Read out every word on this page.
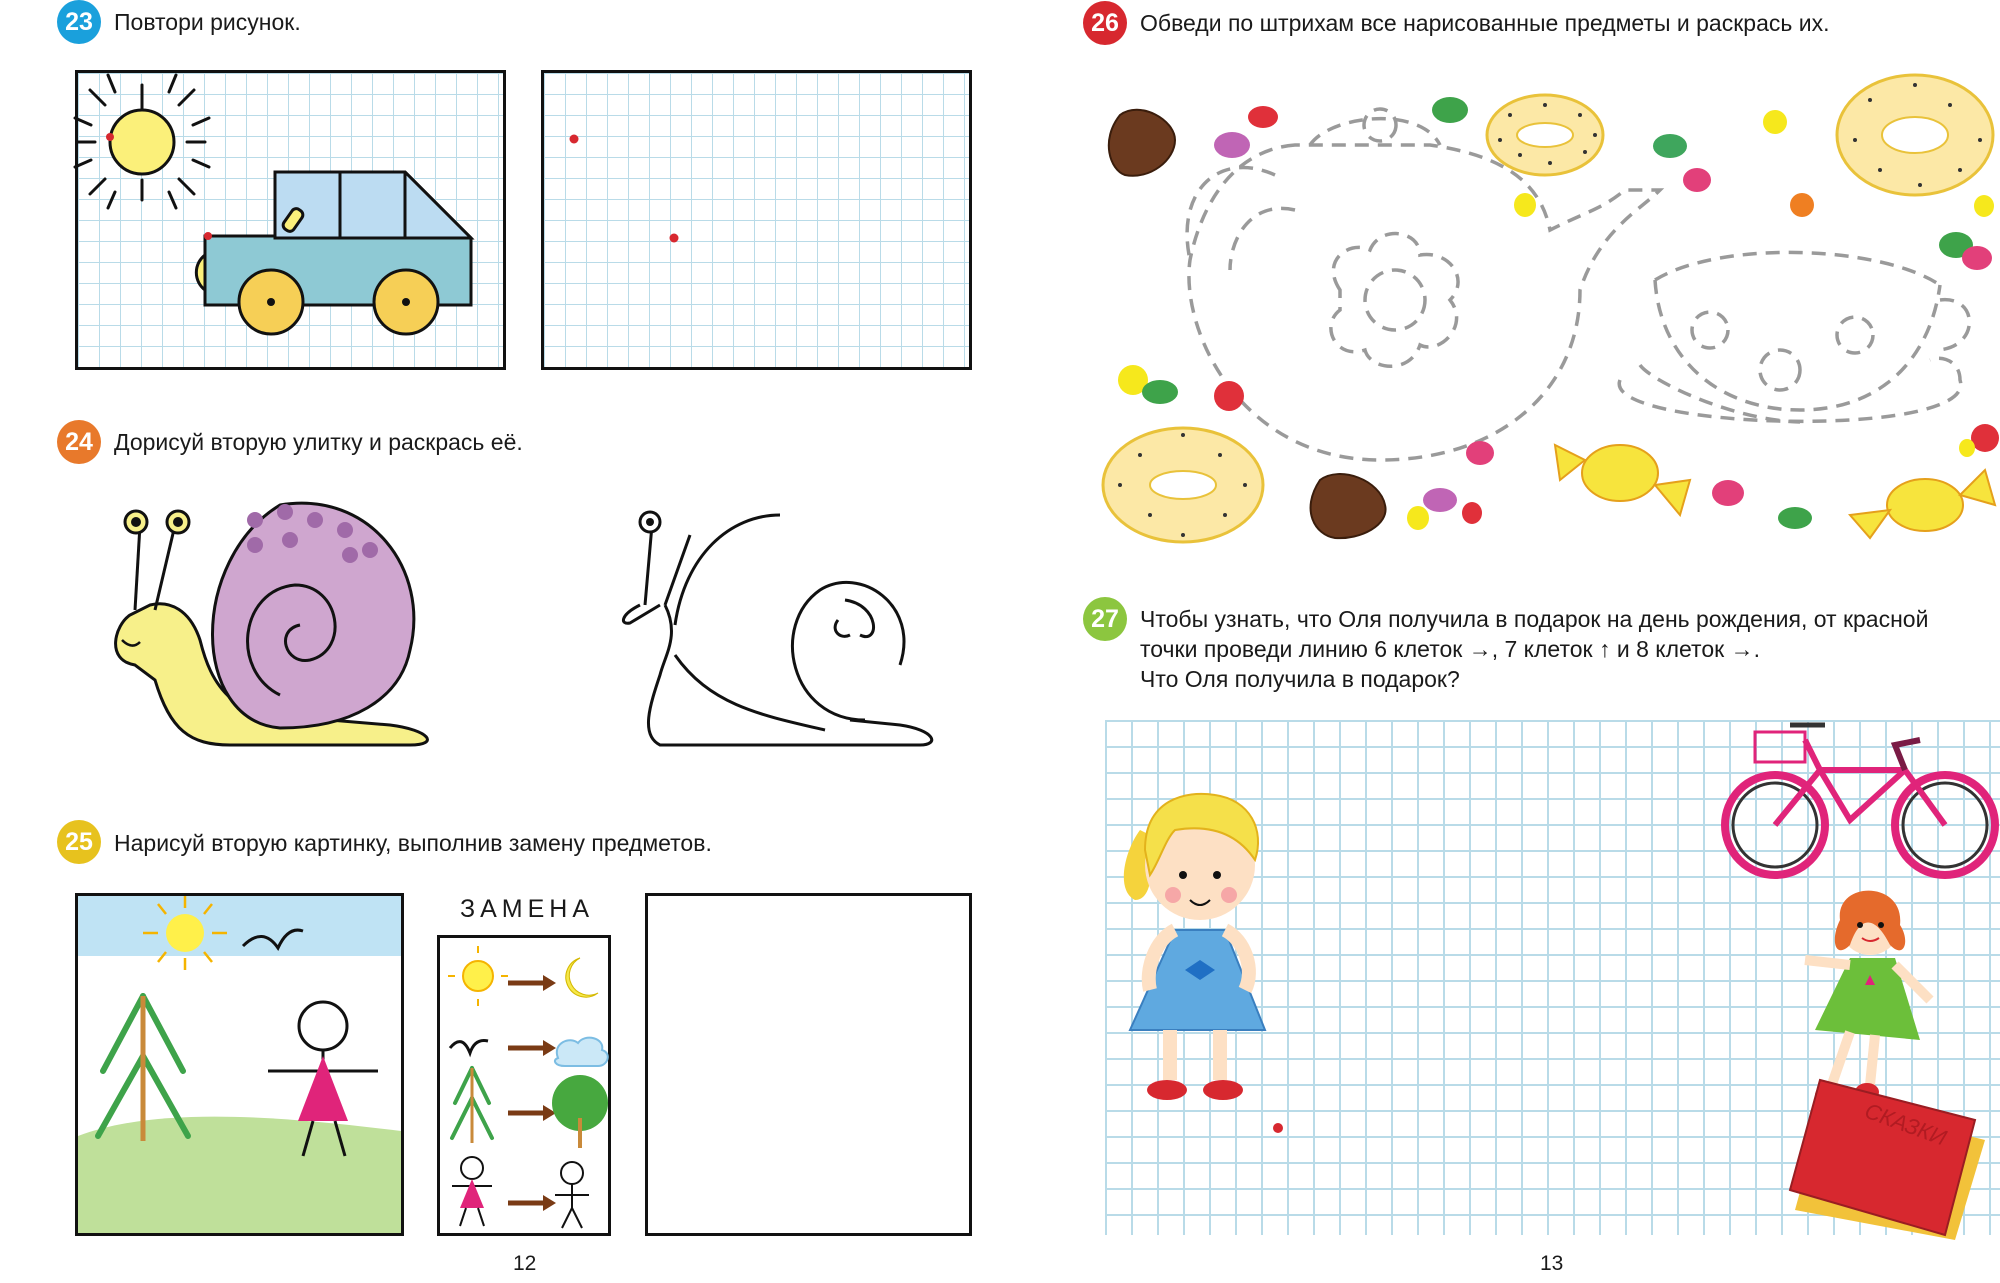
23 Повтори рисунок.
24 Дорисуй вторую улитку и раскрась её.
25 Нарисуй вторую картинку, выполнив замену предметов.
ЗАМЕНА
12
26 Обведи по штрихам все нарисованные предметы и раскрась их.
27 Чтобы узнать, что Оля получила в подарок на день рождения, от красной
точки проведи линию 6 клеток →, 7 клеток ↑ и 8 клеток →.
Что Оля получила в подарок?
СКАЗКИ
13
